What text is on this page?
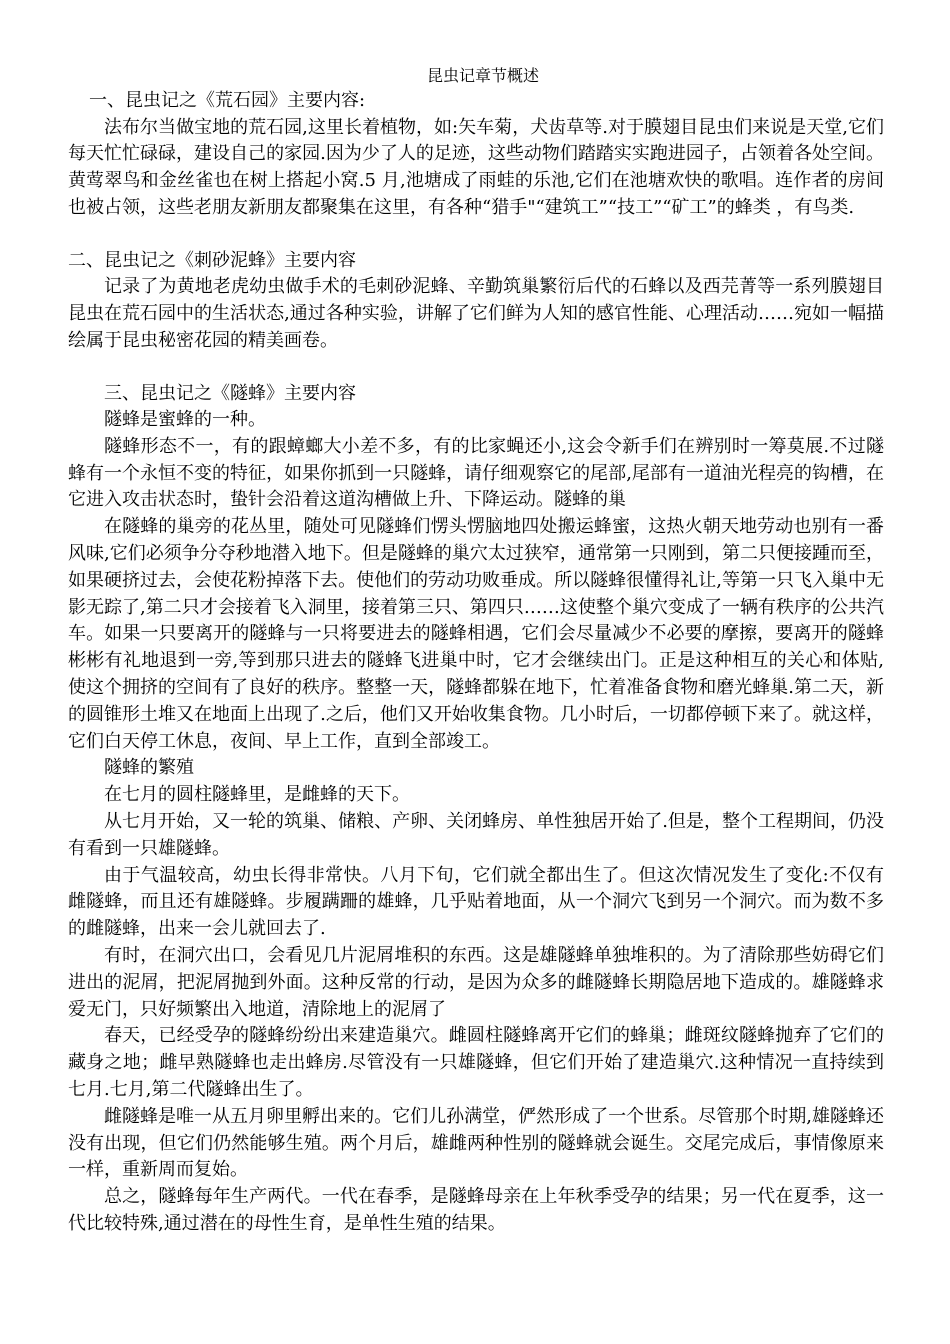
昆虫记章节概述

一、昆虫记之《荒石园》主要内容:

法布尔当做宝地的荒石园,这里长着植物，如:矢车菊，犬齿草等.对于膜翅目昆虫们来说是天堂,它们每天忙忙碌碌，建设自己的家园.因为少了人的足迹，这些动物们踏踏实实跑进园子，占领着各处空间。黄莺翠鸟和金丝雀也在树上搭起小窝.5 月,池塘成了雨蛙的乐池,它们在池塘欢快的歌唱。连作者的房间也被占领，这些老朋友新朋友都聚集在这里，有各种“猎手"“建筑工”“技工”“矿工”的蜂类 ，有鸟类.

二、昆虫记之《刺砂泥蜂》主要内容

记录了为黄地老虎幼虫做手术的毛刺砂泥蜂、辛勤筑巢繁衍后代的石蜂以及西芫菁等一系列膜翅目昆虫在荒石园中的生活状态,通过各种实验，讲解了它们鲜为人知的感官性能、心理活动……宛如一幅描绘属于昆虫秘密花园的精美画卷。

三、昆虫记之《隧蜂》主要内容

隧蜂是蜜蜂的一种。

隧蜂形态不一，有的跟蟑螂大小差不多，有的比家蝇还小,这会令新手们在辨别时一筹莫展.不过隧蜂有一个永恒不变的特征，如果你抓到一只隧蜂，请仔细观察它的尾部,尾部有一道油光程亮的钩槽，在它进入攻击状态时，蛰针会沿着这道沟槽做上升、下降运动。隧蜂的巢

在隧蜂的巢旁的花丛里，随处可见隧蜂们愣头愣脑地四处搬运蜂蜜，这热火朝天地劳动也别有一番风味,它们必须争分夺秒地潜入地下。但是隧蜂的巢穴太过狭窄，通常第一只刚到，第二只便接踵而至，如果硬挤过去，会使花粉掉落下去。使他们的劳动功败垂成。所以隧蜂很懂得礼让,等第一只飞入巢中无影无踪了,第二只才会接着飞入洞里，接着第三只、第四只……这使整个巢穴变成了一辆有秩序的公共汽车。如果一只要离开的隧蜂与一只将要进去的隧蜂相遇，它们会尽量减少不必要的摩擦，要离开的隧蜂彬彬有礼地退到一旁,等到那只进去的隧蜂飞进巢中时，它才会继续出门。正是这种相互的关心和体贴,使这个拥挤的空间有了良好的秩序。整整一天，隧蜂都躲在地下，忙着准备食物和磨光蜂巢.第二天，新的圆锥形土堆又在地面上出现了.之后，他们又开始收集食物。几小时后，一切都停顿下来了。就这样，它们白天停工休息，夜间、早上工作，直到全部竣工。

隧蜂的繁殖

在七月的圆柱隧蜂里，是雌蜂的天下。

从七月开始，又一轮的筑巢、储粮、产卵、关闭蜂房、单性独居开始了.但是，整个工程期间，仍没有看到一只雄隧蜂。

由于气温较高，幼虫长得非常快。八月下旬，它们就全都出生了。但这次情况发生了变化:不仅有雌隧蜂，而且还有雄隧蜂。步履蹒跚的雄蜂，几乎贴着地面，从一个洞穴飞到另一个洞穴。而为数不多的雌隧蜂，出来一会儿就回去了.

有时，在洞穴出口，会看见几片泥屑堆积的东西。这是雄隧蜂单独堆积的。为了清除那些妨碍它们进出的泥屑，把泥屑抛到外面。这种反常的行动，是因为众多的雌隧蜂长期隐居地下造成的。雄隧蜂求爱无门，只好频繁出入地道，清除地上的泥屑了

春天，已经受孕的隧蜂纷纷出来建造巢穴。雌圆柱隧蜂离开它们的蜂巢；雌斑纹隧蜂抛弃了它们的藏身之地；雌早熟隧蜂也走出蜂房.尽管没有一只雄隧蜂，但它们开始了建造巢穴.这种情况一直持续到七月.七月,第二代隧蜂出生了。

雌隧蜂是唯一从五月卵里孵出来的。它们儿孙满堂，俨然形成了一个世系。尽管那个时期,雄隧蜂还没有出现，但它们仍然能够生殖。两个月后，雄雌两种性别的隧蜂就会诞生。交尾完成后，事情像原来一样，重新周而复始。

总之，隧蜂每年生产两代。一代在春季，是隧蜂母亲在上年秋季受孕的结果；另一代在夏季，这一代比较特殊,通过潜在的母性生育，是单性生殖的结果。
